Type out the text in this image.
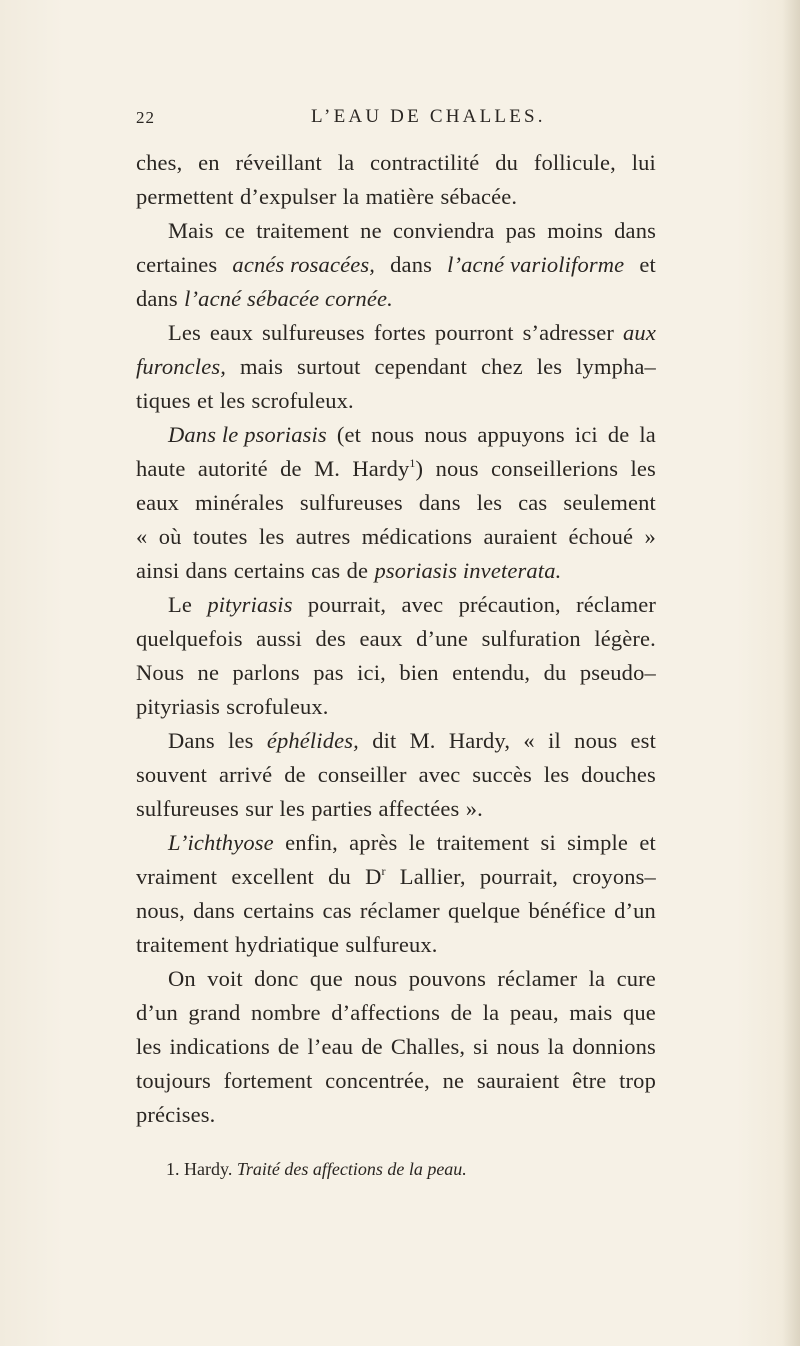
22	L’EAU DE CHALLES.
ches, en réveillant la contractilité du follicule, lui
permettent d’expulser la matière sébacée.
Mais ce traitement ne conviendra pas moins dans
certaines acnés rosacées, dans l’acné varioliforme et
dans l’acné sébacée cornée.
Les eaux sulfureuses fortes pourront s’adresser aux
furoncles, mais surtout cependant chez les lympha–
tiques et les scrofuleux.
Dans le psoriasis (et nous nous appuyons ici de la
haute autorité de M. Hardy$^1$) nous conseillerions les
eaux minérales sulfureuses dans les cas seulement
« où toutes les autres médications auraient échoué »
ainsi dans certains cas de psoriasis inveterata.
Le pityriasis pourrait, avec précaution, réclamer
quelquefois aussi des eaux d’une sulfuration légère.
Nous ne parlons pas ici, bien entendu, du pseudo–
pityriasis scrofuleux.
Dans les éphélides, dit M. Hardy, « il nous est
souvent arrivé de conseiller avec succès les douches
sulfureuses sur les parties affectées ».
L’ichthyose enfin, après le traitement si simple et
vraiment excellent du $D^r$ Lallier, pourrait, croyons–
nous, dans certains cas réclamer quelque bénéfice d’un
traitement hydriatique sulfureux.
On voit donc que nous pouvons réclamer la cure
d’un grand nombre d’affections de la peau, mais que
les indications de l’eau de Challes, si nous la donnions
toujours fortement concentrée, ne sauraient être trop
précises.
1. Hardy. Traité des affections de la peau.
